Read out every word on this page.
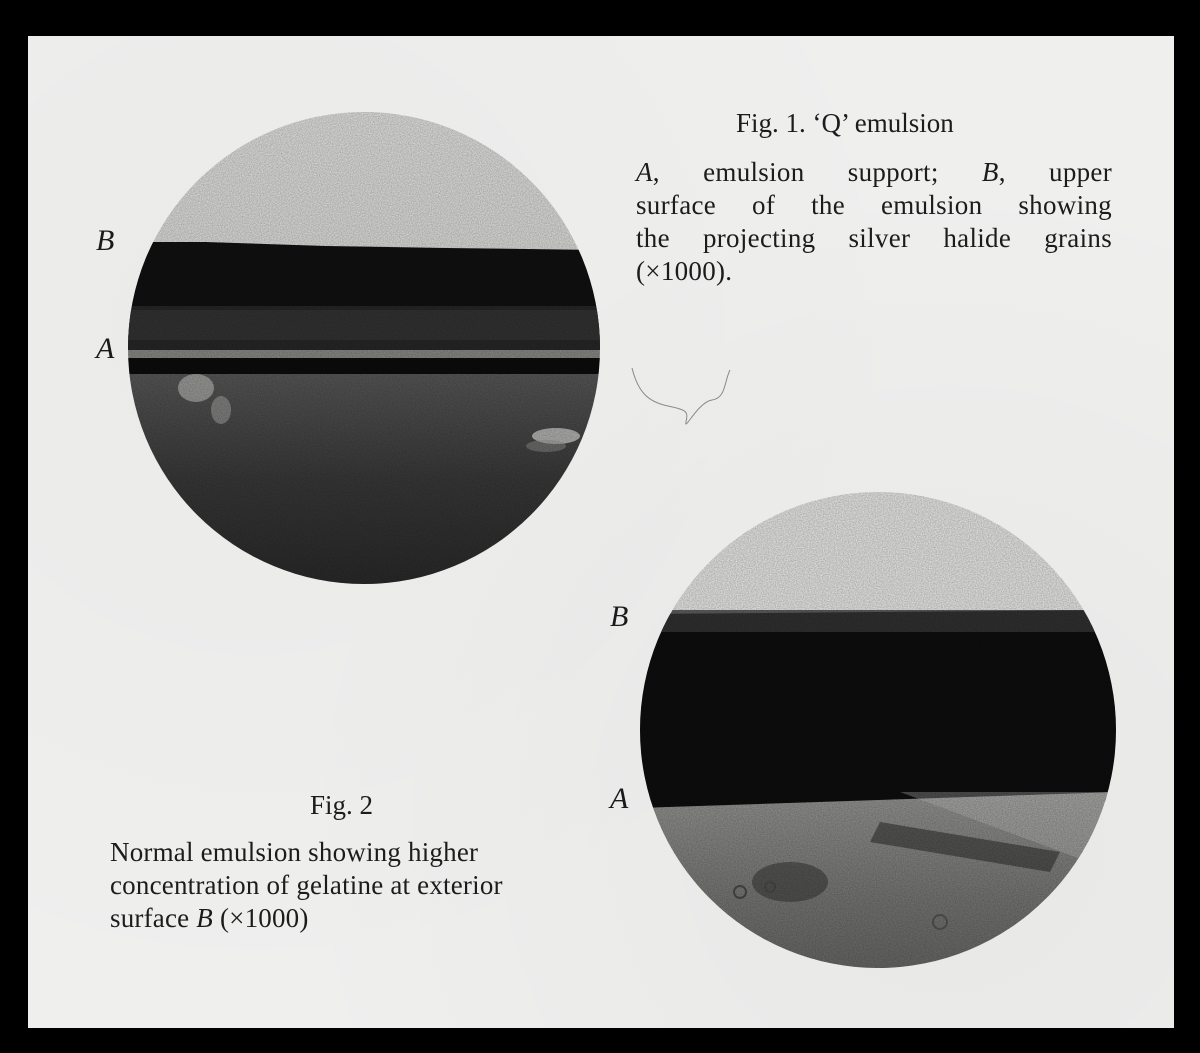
B
A
Fig. 1. ‘Q’ emulsion
A, emulsion support; B, upper
surface of the emulsion showing
the projecting silver halide grains
(×1000).
B
A
Fig. 2
Normal emulsion showing higher
concentration of gelatine at exterior
surface B (×1000)
